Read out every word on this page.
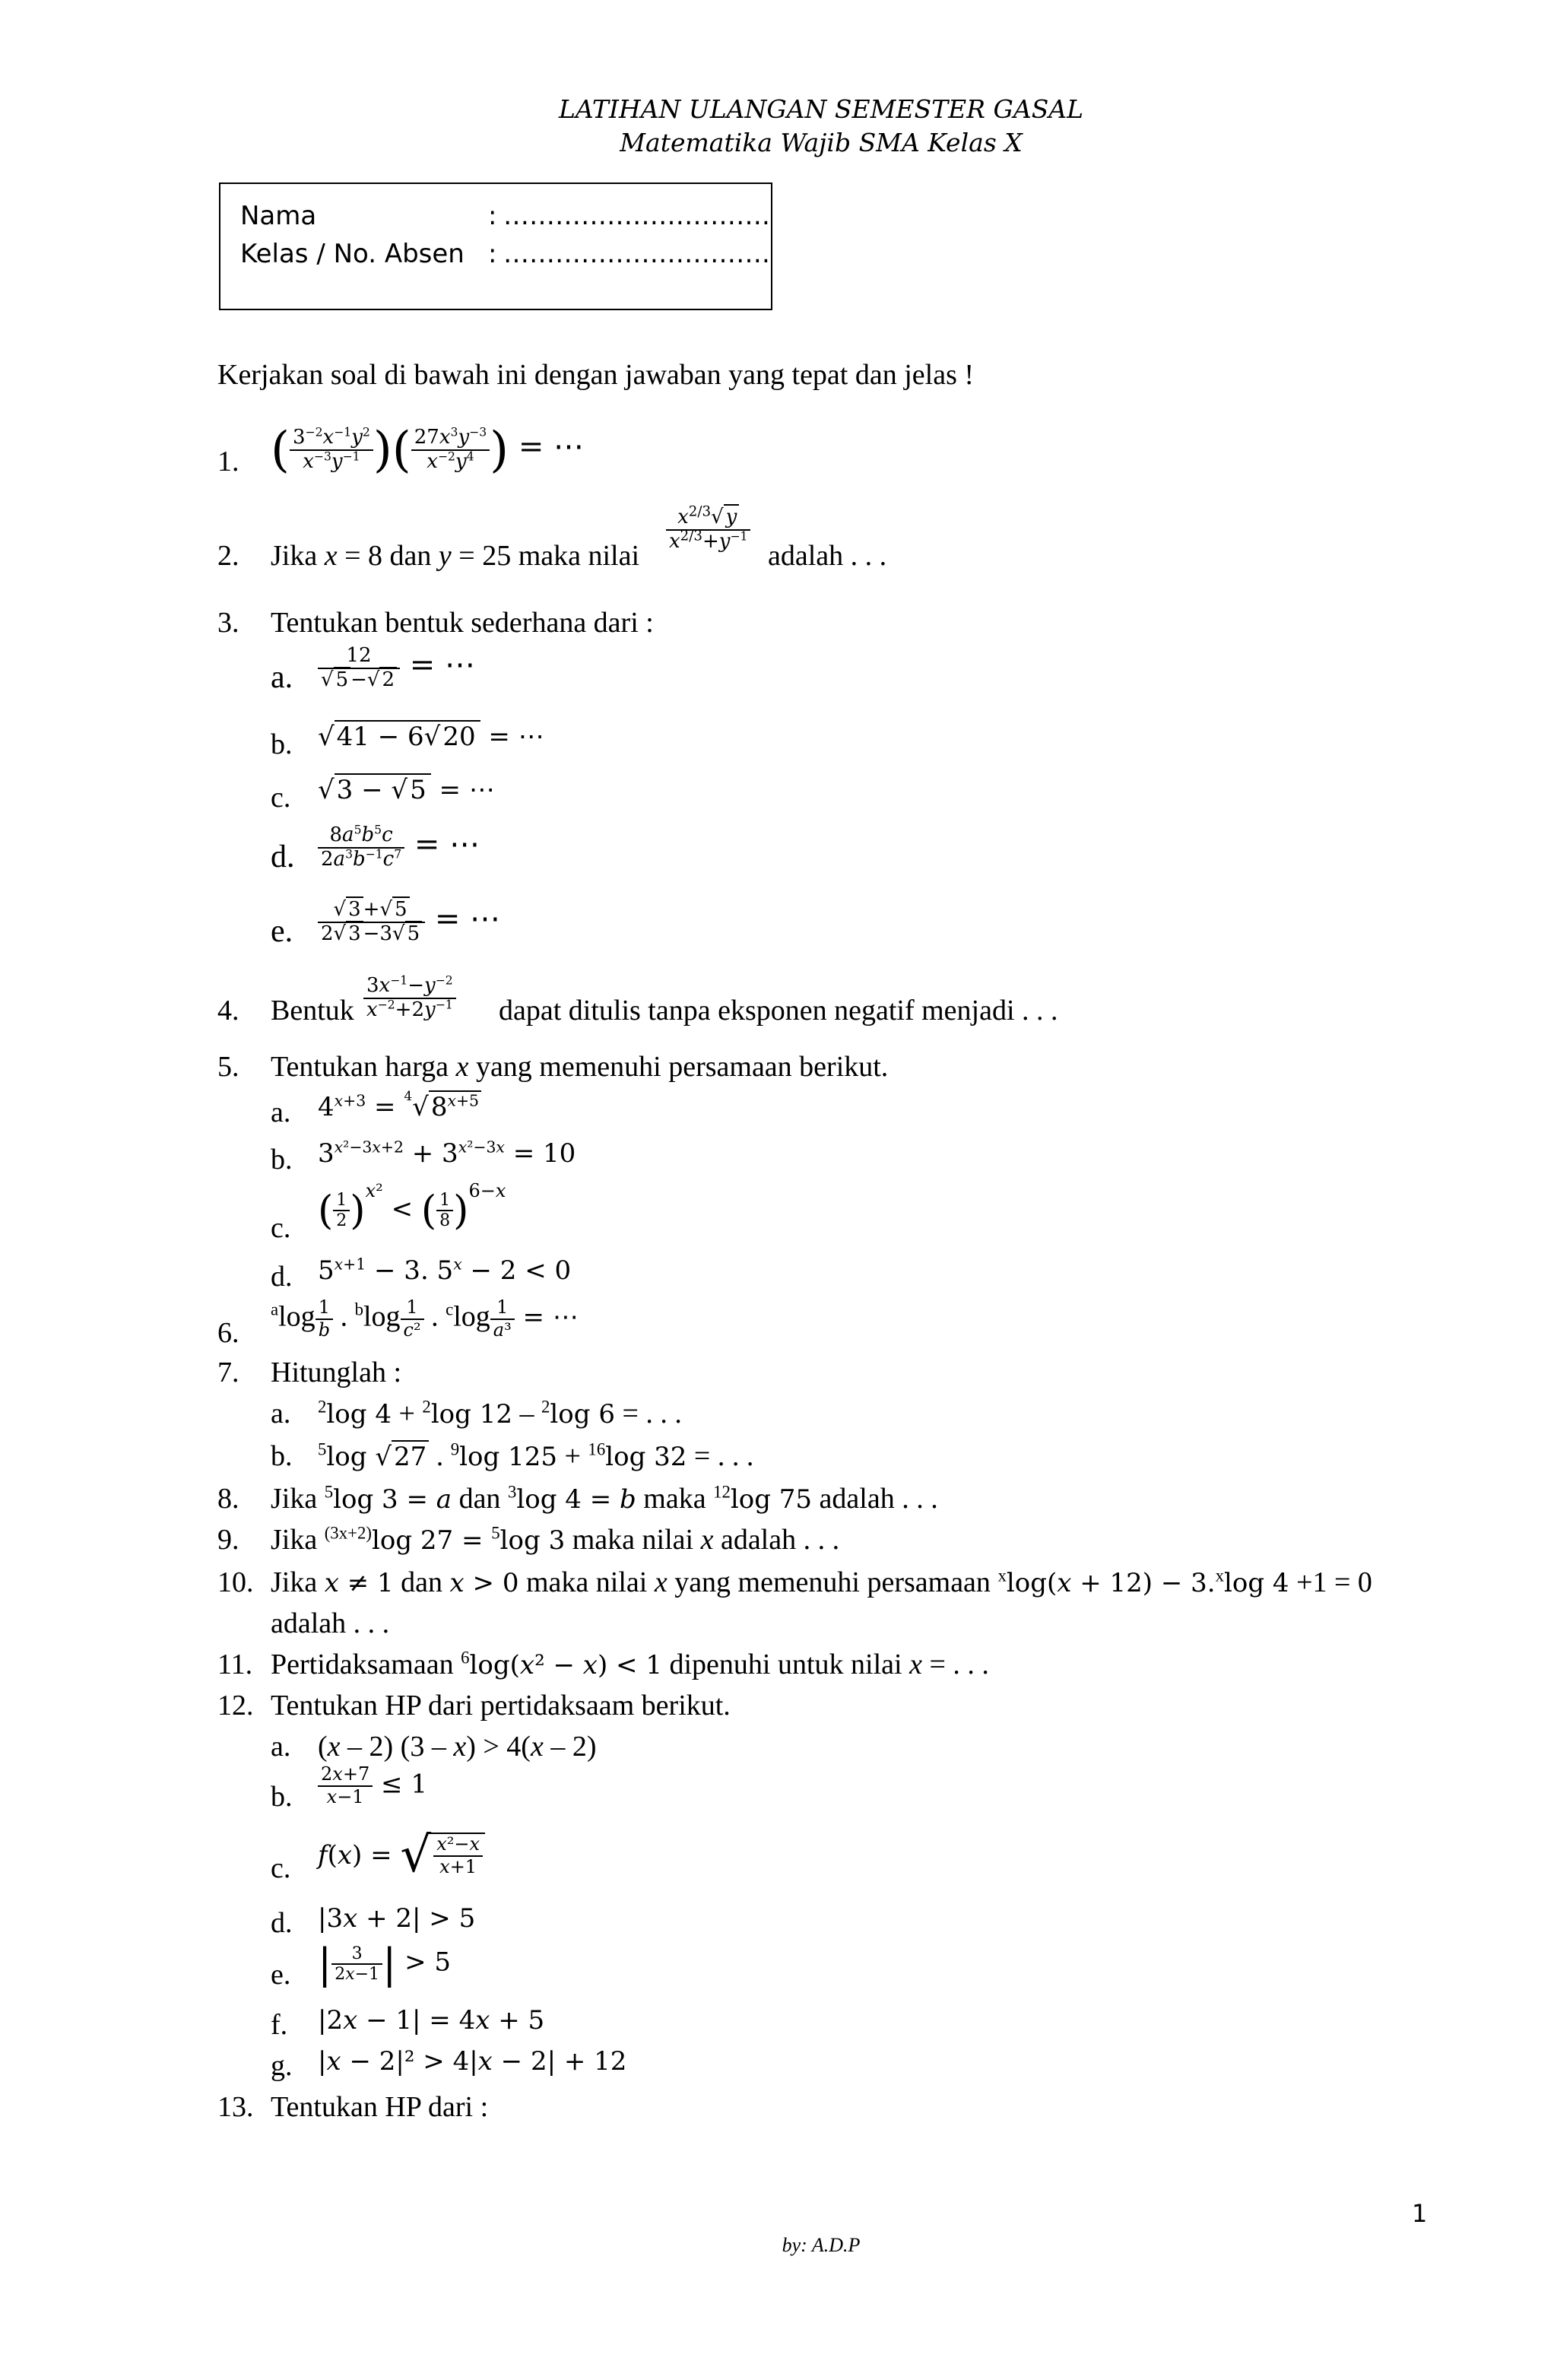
LATIHAN ULANGAN SEMESTER GASAL
Matematika Wajib SMA Kelas X
Nama	: ………………………….
Kelas / No. Absen : ………………………….
Kerjakan soal di bawah ini dengan jawaban yang tepat dan jelas !
1. ( $\frac{3^{-2}x^{-1}y^2}{x^{-3}y^{-1}}$ )( $\frac{27x^3y^{-3}}{x^{-2}y^4}$ ) = ⋯
2. Jika x = 8 dan y = 25 maka nilai
$\frac{x^{2/3}√ y}{x^{2/3}+y^{-1}}$
adalah . . .
3. Tentukan bentuk sederhana dari :
a. $\frac{12}{√ 5 -√ 2}$ = ⋯
b. √41 − 6√20 = ⋯
c. √3 − √5 = ⋯
d. $\frac{8a^5b^5c}{2a^3b^{-1}c^7}$ = ⋯
e. $\frac{√ 3 +√ 5}{2√ 3 -3√ 5}$ = ⋯
4. Bentuk $\frac{3x^{-1}-y^{-2}}{x^{-2}+2y^{-1}}$ dapat ditulis tanpa eksponen negatif menjadi . . .
5. Tentukan harga x yang memenuhi persamaan berikut.
a. $4^{x+3} = ^4√8^{x+5}$
b. $3^{x^2-3x+2} + 3^{x^2-3x} = 10$
c. ( $\frac{1}{2} )^{x^2}$ < ( $\frac{1}{8} )^{6-x}$
d. $5^{x+1} - 3$. $5^x - 2 < 0$
6.
$^a\log \frac{1}{b}$ . $^b\log \frac{1}{\text{c²}}$ . $^c\log \frac{1}{\text{a³}}$ = ⋯
7. Hitunglah :
a. $^2$log 4 + $^2$log 12 – $^2$log 6 = . . .
b. $^5$log √27 . $^9$log 125 + $^{16}$log 32 = . . .
8. Jika $^5$log 3 = a dan $^3$log 4 = b maka $^{12}$log 75 adalah . . .
9. Jika $^{(3x+2)}$log 27 = $^5$log 3 maka nilai x adalah . . .
10. Jika x ≠ 1 dan x > 0 maka nilai x yang memenuhi persamaan $^x$log(x + 12) − 3.$^x$log 4 +1 = 0
adalah . . .
11. Pertidaksamaan $^6$log(x² − x) < 1 dipenuhi untuk nilai x = . . .
12. Tentukan HP dari pertidaksaam berikut.
a. (x – 2) (3 – x) > 4(x – 2)
b. $\frac{2x+7}{x-1} \le 1$
c. f(x) = √ $\frac{\text{x²−x}}{x+1}$
d. |3x + 2| > 5
e. | $\frac{3}{2x-1}$ | > 5
f. |2x − 1| = 4x + 5
g. |x − 2|² > 4|x − 2| + 12
13. Tentukan HP dari :
1
by: A.D.P
